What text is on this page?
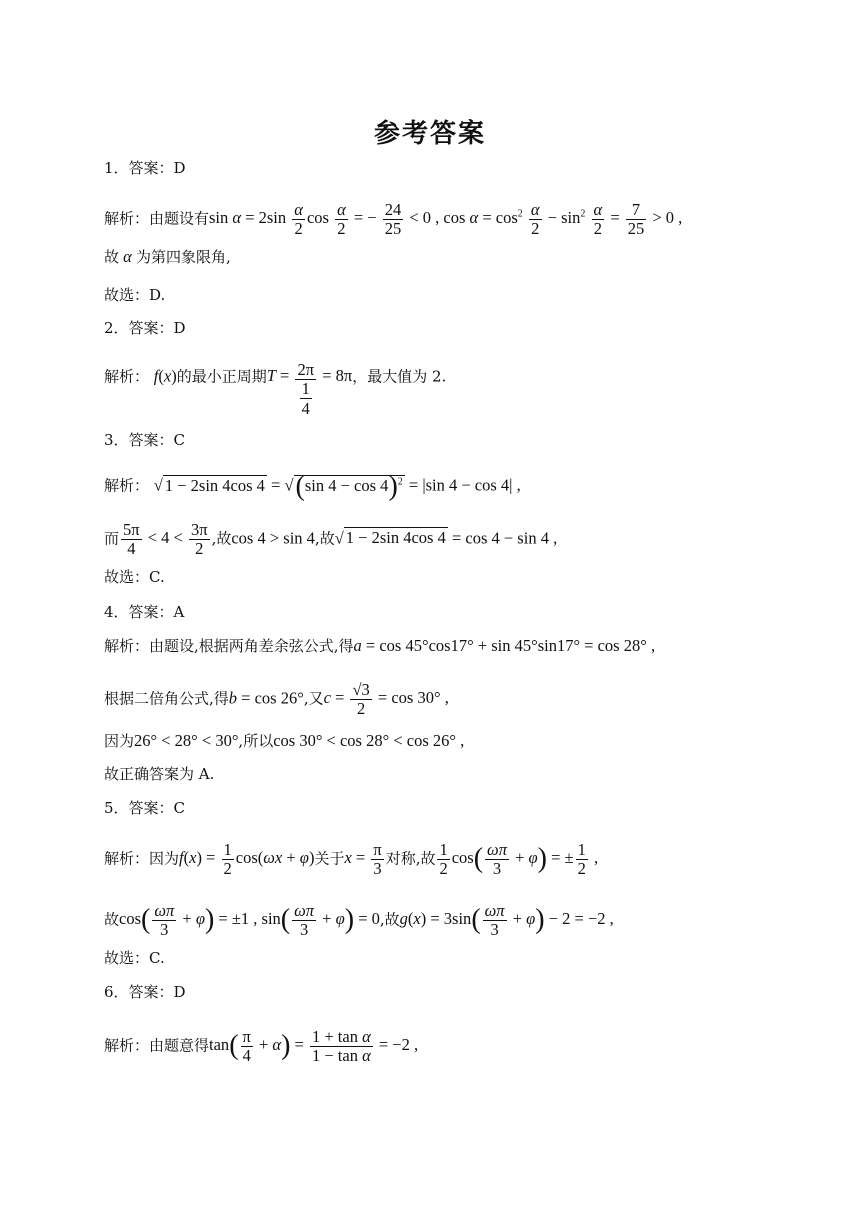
参考答案
1．答案：D
解析：由题设有$\sin \alpha = 2\sin \frac{\alpha}{2}$ $\cos \frac{\alpha}{2}$ = − $\frac{24}{25} < 0$ , $\cos \alpha = \cos^2 \frac{\alpha}{2} - \sin^2 \frac{\alpha}{2} = \frac{7}{25} > 0$ ,
故 α 为第四象限角,
故选：D.
2．答案：D
解析： f(x)的最小正周期$T = \frac{2\pi}{\frac{1}{4}} = 8\pi$，最大值为 2.
3．答案：C
解析： √ 1 − 2sin 4cos 4 = √(sin 4 − cos 4)$^2$ = |sin 4 − cos 4| ,
而 $\frac{5\pi}{4} < 4 < \frac{3\pi}{2}$ ,故cos 4 > sin 4,故√ 1 − 2sin 4cos 4 = cos 4 − sin 4 ,
故选：C.
4．答案：A
解析：由题设,根据两角差余弦公式,得a = cos 45°cos17° + sin 45°sin17° = cos 28° ,
根据二倍角公式,得b = cos 26°,又$c = \frac{√3}{2} = \cos 30^\circ$ ,
因为26° < 28° < 30°,所以cos 30° < cos 28° < cos 26° ,
故正确答案为 A.
5．答案：C
解析：因为$f(x) = \frac{1}{2} \cos(\omega x + \varphi)$关于$x = \frac{\pi}{3}$ 对称,故 $\frac{1}{2} \cos( \frac{\omega\pi}{3} + \varphi)$ = ± $\frac{1}{2}$ ,
故$\cos( \frac{\omega\pi}{3} + \varphi) = \pm 1$ , $\sin( \frac{\omega\pi}{3} + \varphi) = 0$,故$g(x) = 3\sin( \frac{\omega\pi}{3} + \varphi) - 2 = -2$ ,
故选：C.
6．答案：D
解析：由题意得$\tan( \frac{\pi}{4} + \alpha) = \frac{\text{1 + tan α}}{\text{1 − tan α}} = -2$ ,
